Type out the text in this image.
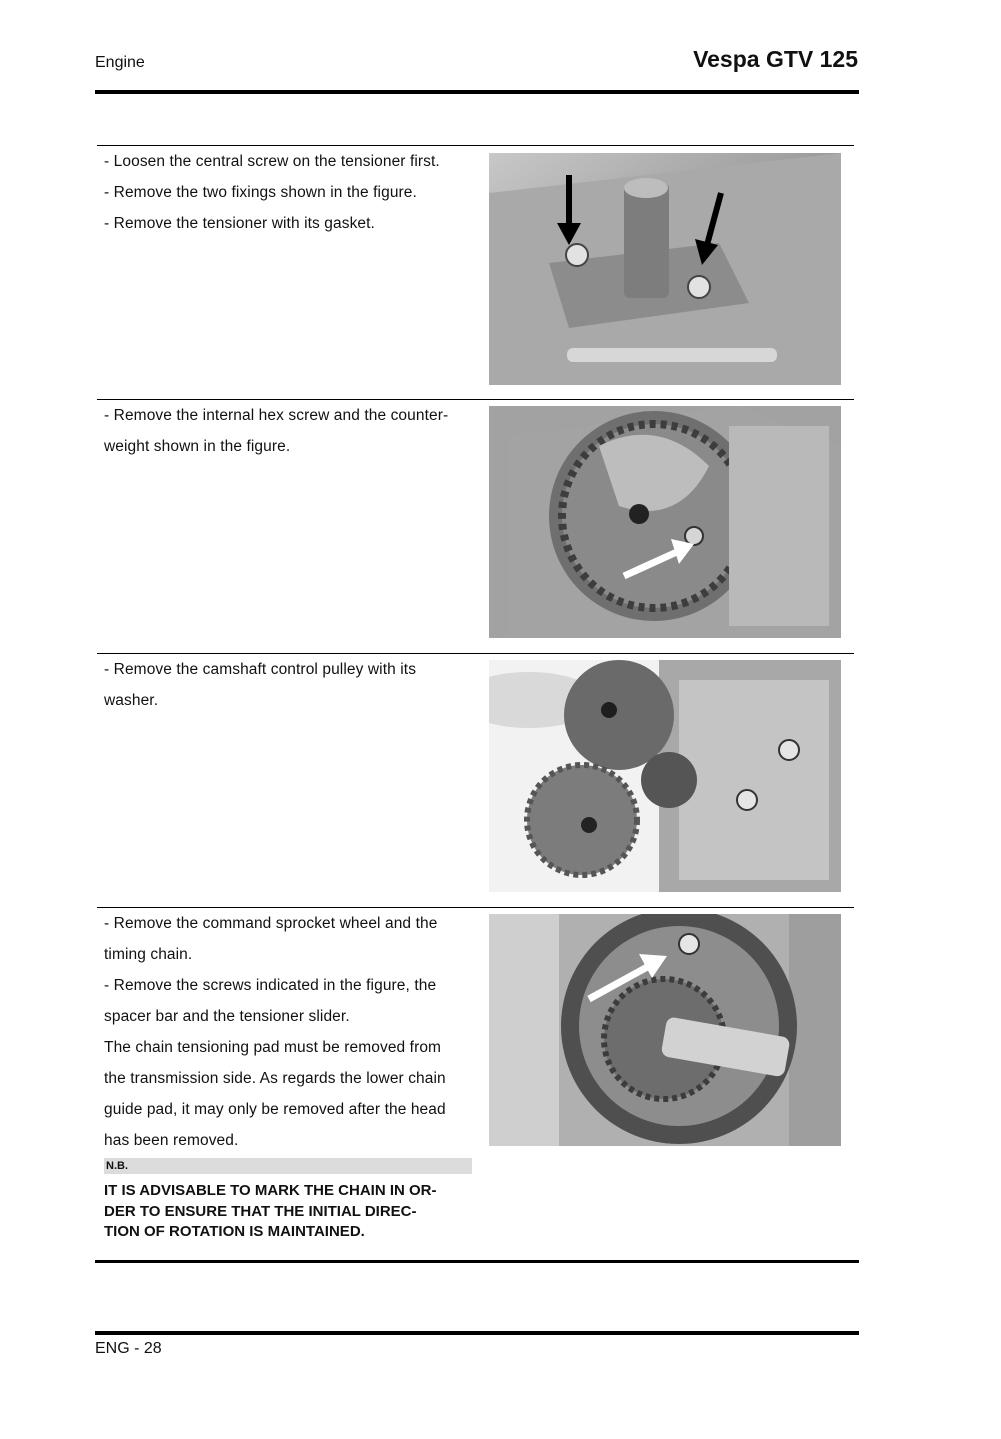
Engine	Vespa GTV 125

- Loosen the central screw on the tensioner first.

- Remove the two fixings shown in the figure.

- Remove the tensioner with its gasket.

- Remove the internal hex screw and the counter-

weight shown in the figure.

- Remove the camshaft control pulley with its

washer.

- Remove the command sprocket wheel and the

timing chain.

- Remove the screws indicated in the figure, the

spacer bar and the tensioner slider.

The chain tensioning pad must be removed from

the transmission side. As regards the lower chain

guide pad, it may only be removed after the head

has been removed.

N.B.
IT IS ADVISABLE TO MARK THE CHAIN IN OR-
DER TO ENSURE THAT THE INITIAL DIREC-
TION OF ROTATION IS MAINTAINED.
ENG - 28
